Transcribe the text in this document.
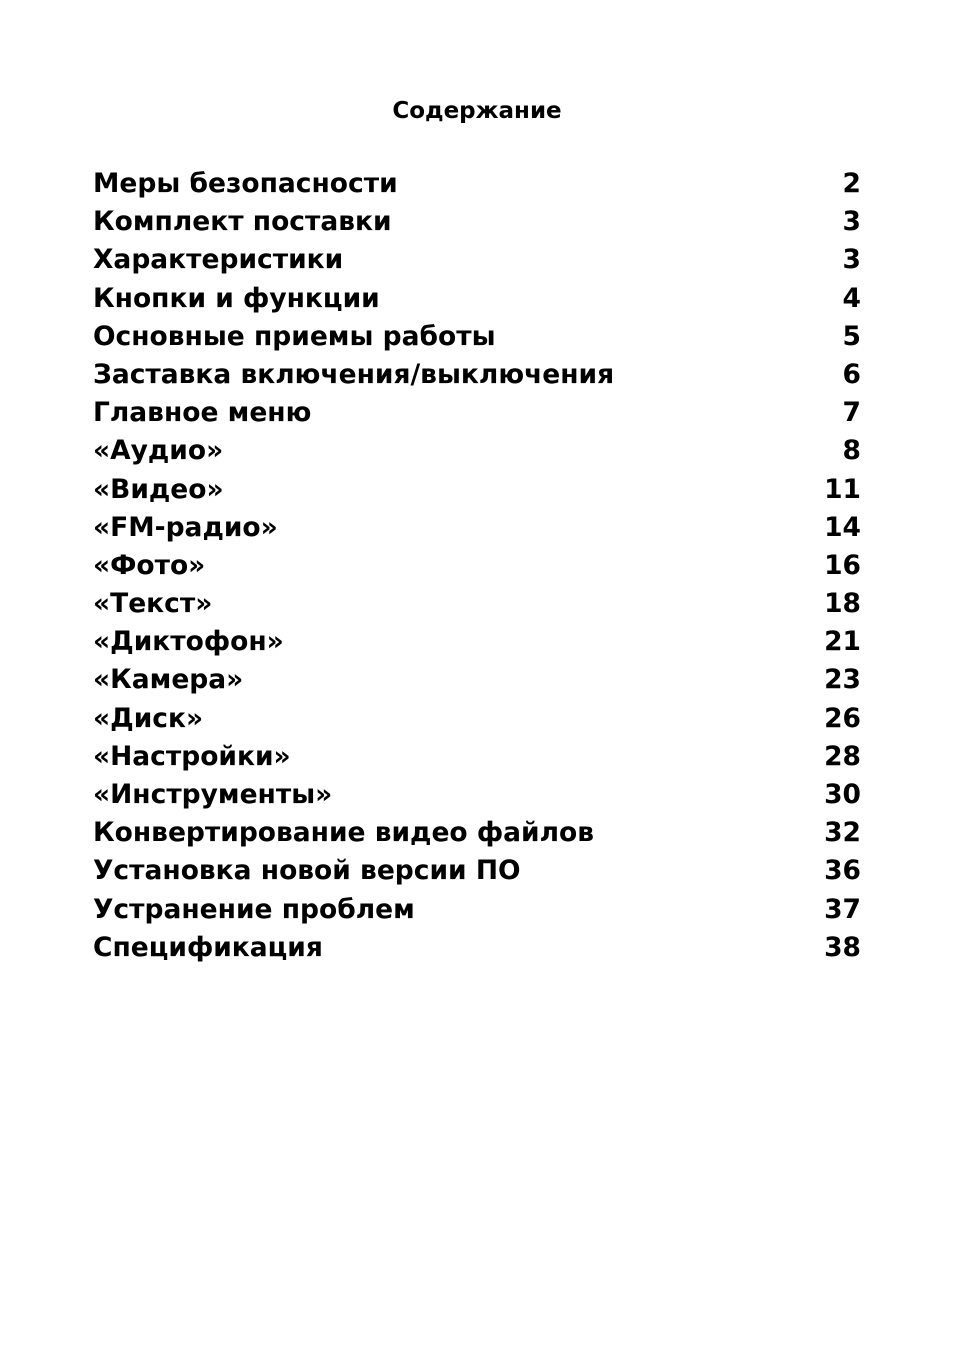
Содержание
Меры безопасности	2
Комплект поставки	3
Характеристики	3
Кнопки и функции	4
Основные приемы работы	5
Заставка включения/выключения	6
Главное меню	7
«Аудио»	8
«Видео»	11
«FM-радио»	14
«Фото»	16
«Текст»	18
«Диктофон»	21
«Камера»	23
«Диск»	26
«Настройки»	28
«Инструменты»	30
Конвертирование видео файлов	32
Установка новой версии ПО	36
Устранение проблем	37
Спецификация	38
